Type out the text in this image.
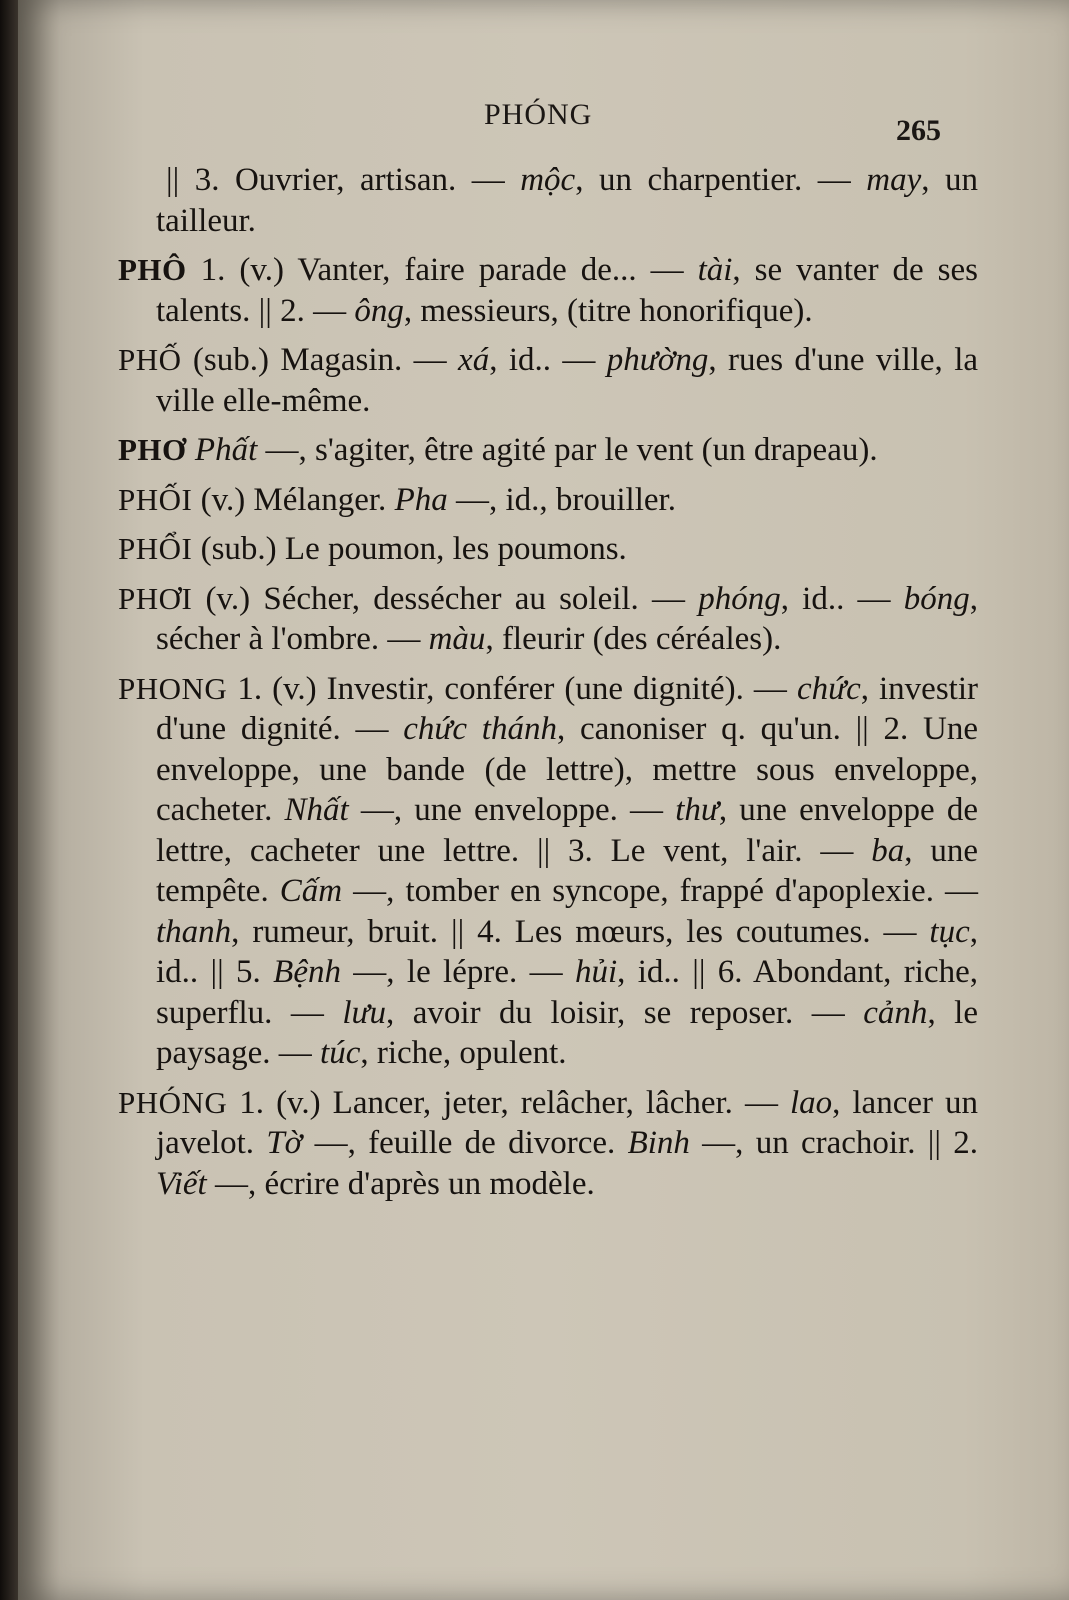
PHÓNG	265
|| 3. Ouvrier, artisan. — mộc, un charpentier. — may, un tailleur.
PHÔ 1. (v.) Vanter, faire parade de... — tài, se vanter de ses talents. || 2. — ông, messieurs, (titre honorifique).
PHỐ (sub.) Magasin. — xá, id.. — phường, rues d'une ville, la ville elle-même.
PHƠ Phất —, s'agiter, être agité par le vent (un drapeau).
PHỐI (v.) Mélanger. Pha —, id., brouiller.
PHỔI (sub.) Le poumon, les poumons.
PHƠI (v.) Sécher, dessécher au soleil. — phóng, id.. — bóng, sécher à l'ombre. — màu, fleurir (des céréales).
PHONG 1. (v.) Investir, conférer (une dignité). — chức, investir d'une dignité. — chức thánh, canoniser q. qu'un. || 2. Une enveloppe, une bande (de lettre), mettre sous enveloppe, cacheter. Nhất —, une enveloppe. — thư, une enveloppe de lettre, cacheter une lettre. || 3. Le vent, l'air. — ba, une tempête. Cấm —, tomber en syncope, frappé d'apoplexie. — thanh, rumeur, bruit. || 4. Les mœurs, les coutumes. — tục, id.. || 5. Bệnh —, le lépre. — hủi, id.. || 6. Abondant, riche, superflu. — lưu, avoir du loisir, se reposer. — cảnh, le paysage. — túc, riche, opulent.
PHÓNG 1. (v.) Lancer, jeter, relâcher, lâcher. — lao, lancer un javelot. Tờ —, feuille de divorce. Binh —, un crachoir. || 2. Viết —, écrire d'après un modèle.
